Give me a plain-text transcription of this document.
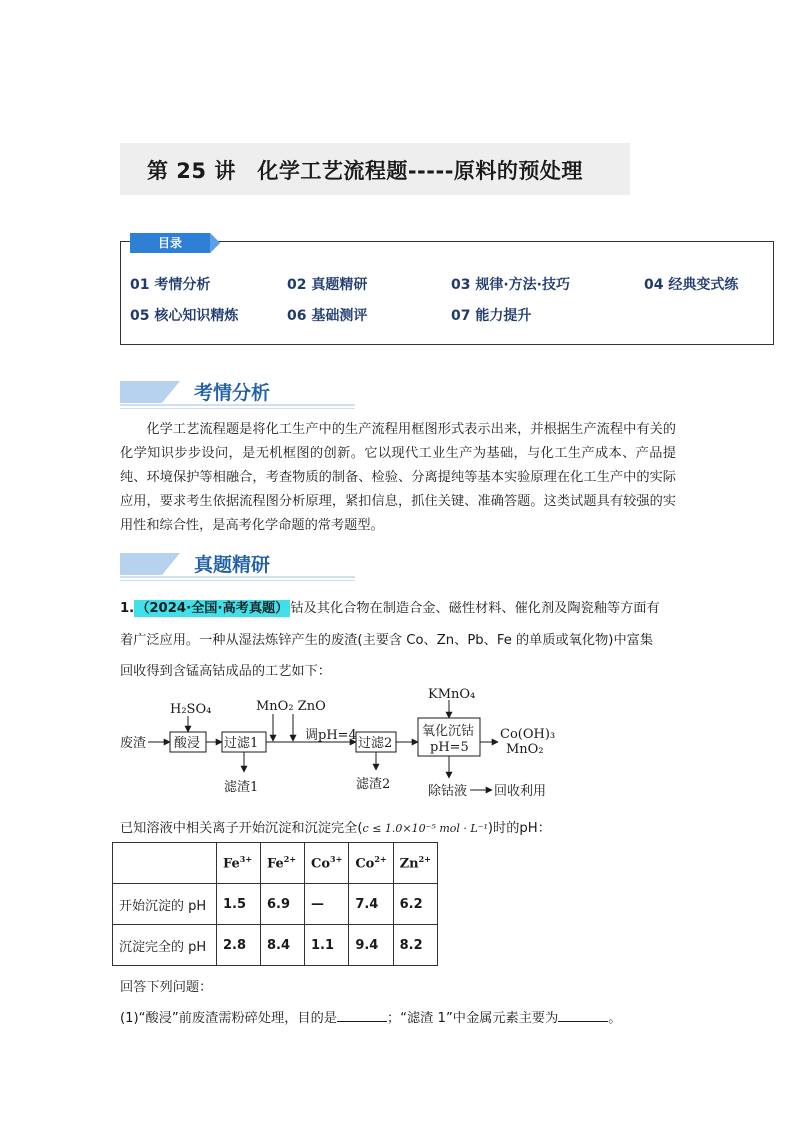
第 25 讲　化学工艺流程题-----原料的预处理
目录
01 考情分析	02 真题精研	03 规律·方法·技巧	04 经典变式练
05 核心知识精炼	06 基础测评	07 能力提升
考情分析

化学工艺流程题是将化工生产中的生产流程用框图形式表示出来，并根据生产流程中有关的化学知识步步设问，是无机框图的创新。它以现代工业生产为基础，与化工生产成本、产品提纯、环境保护等相融合，考查物质的制备、检验、分离提纯等基本实验原理在化工生产中的实际应用，要求考生依据流程图分析原理，紧扣信息，抓住关键、准确答题。这类试题具有较强的实用性和综合性，是高考化学命题的常考题型。

真题精研
1. （2024·全国·高考真题） 钴及其化合物在制造合金、磁性材料、催化剂及陶瓷釉等方面有
着广泛应用。一种从湿法炼锌产生的废渣(主要含 Co、Zn、Pb、Fe 的单质或氧化物)中富集
回收得到含锰高钴成品的工艺如下：
废渣
H₂SO₄
酸浸 过滤1
滤渣1
MnO₂ ZnO
调pH=4
过滤2
滤渣2
KMnO₄
氧化沉钴
pH=5
Co(OH)₃
MnO₂
除钴液 回收利用
已知溶液中相关离子开始沉淀和沉淀完全(c ≤ 1.0×10⁻⁵ mol · L⁻¹)时的pH：
	$Fe^{3+}$	$Fe^{2+}$	$Co^{3+}$	$Co^{2+}$	$Zn^{2+}$
开始沉淀的 pH	1.5	6.9	—	7.4	6.2
沉淀完全的 pH	2.8	8.4	1.1	9.4	8.2
回答下列问题：
(1)“酸浸”前废渣需粉碎处理，目的是	；“滤渣 1”中金属元素主要为	。
